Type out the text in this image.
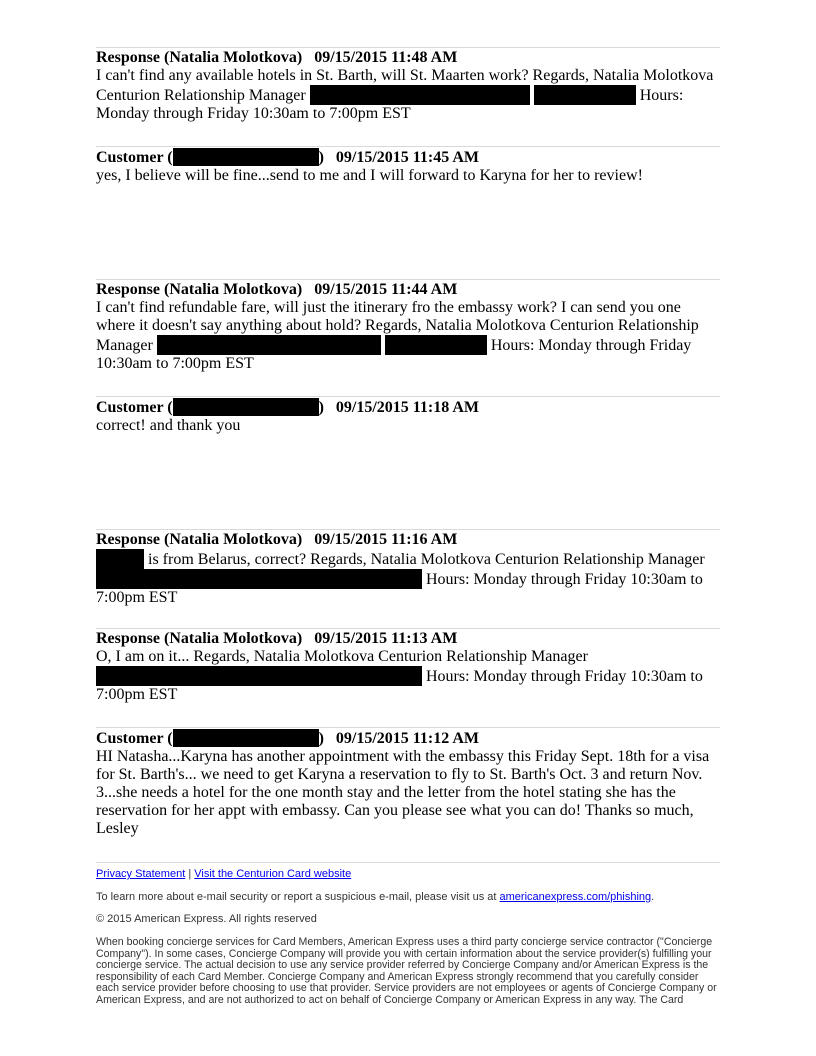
Response (Natalia Molotkova) 09/15/2015 11:48 AM
I can't find any available hotels in St. Barth, will St. Maarten work? Regards, Natalia Molotkova Centurion Relationship Manager	Hours: Monday through Friday 10:30am to 7:00pm EST
Customer (	) 09/15/2015 11:45 AM
yes, I believe will be fine...send to me and I will forward to Karyna for her to review!
Response (Natalia Molotkova) 09/15/2015 11:44 AM
I can't find refundable fare, will just the itinerary fro the embassy work? I can send you one where it doesn't say anything about hold? Regards, Natalia Molotkova Centurion Relationship Manager	Hours: Monday through Friday 10:30am to 7:00pm EST
Customer (	) 09/15/2015 11:18 AM
correct! and thank you
Response (Natalia Molotkova) 09/15/2015 11:16 AM
is from Belarus, correct? Regards, Natalia Molotkova Centurion Relationship Manager  Hours: Monday through Friday 10:30am to 7:00pm EST
Response (Natalia Molotkova) 09/15/2015 11:13 AM
O, I am on it... Regards, Natalia Molotkova Centurion Relationship Manager  Hours: Monday through Friday 10:30am to 7:00pm EST
Customer (	) 09/15/2015 11:12 AM
HI Natasha...Karyna has another appointment with the embassy this Friday Sept. 18th for a visa for St. Barth's... we need to get Karyna a reservation to fly to St. Barth's Oct. 3 and return Nov. 3...she needs a hotel for the one month stay and the letter from the hotel stating she has the reservation for her appt with embassy. Can you please see what you can do! Thanks so much, Lesley

Privacy Statement | Visit the Centurion Card website

To learn more about e-mail security or report a suspicious e-mail, please visit us at americanexpress.com/phishing.

© 2015 American Express. All rights reserved

When booking concierge services for Card Members, American Express uses a third party concierge service contractor ("Concierge Company"). In some cases, Concierge Company will provide you with certain information about the service provider(s) fulfilling your concierge service. The actual decision to use any service provider referred by Concierge Company and/or American Express is the responsibility of each Card Member. Concierge Company and American Express strongly recommend that you carefully consider each service provider before choosing to use that provider. Service providers are not employees or agents of Concierge Company or American Express, and are not authorized to act on behalf of Concierge Company or American Express in any way. The Card
